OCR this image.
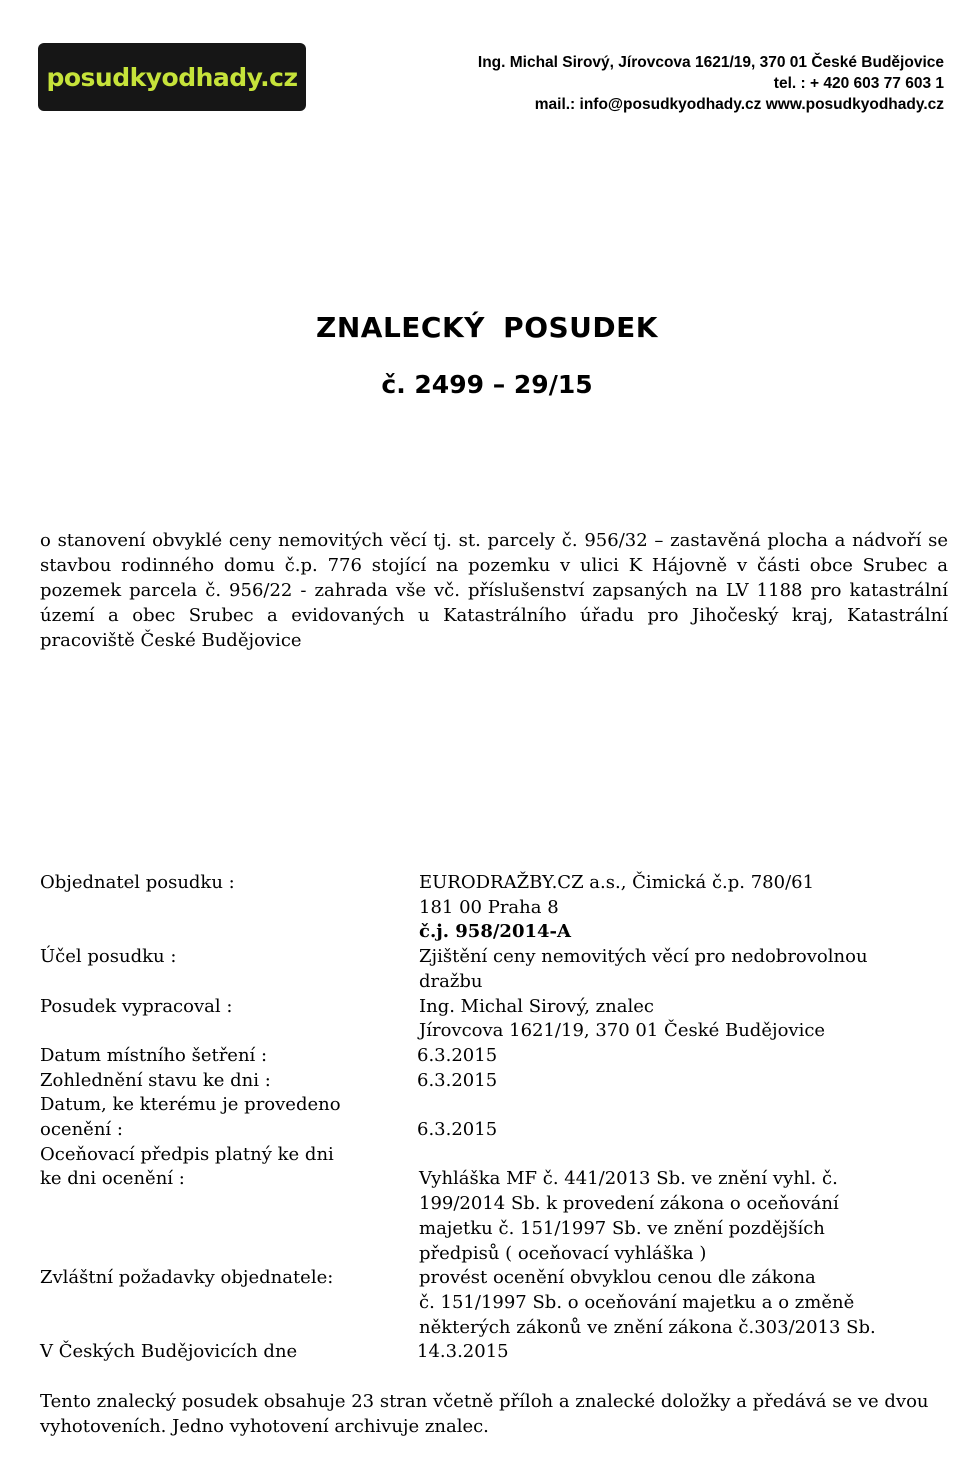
posudkyodhady.cz	Ing. Michal Sirový, Jírovcova 1621/19, 370 01 České Budějovice
tel. : + 420 603 77 603 1
mail.: info@posudkyodhady.cz www.posudkyodhady.cz
ZNALECKÝ POSUDEK
č. 2499 – 29/15

o stanovení obvyklé ceny nemovitých věcí tj. st. parcely č. 956/32 – zastavěná plocha a nádvoří se stavbou rodinného domu č.p. 776 stojící na pozemku v ulici K Hájovně v části obce Srubec a pozemek parcela č. 956/22 - zahrada vše vč. příslušenství zapsaných na LV 1188 pro katastrální území a obec Srubec a evidovaných u Katastrálního úřadu pro Jihočeský kraj, Katastrální pracoviště České Budějovice

Objednatel posudku :	EURODRAŽBY.CZ a.s., Čimická č.p. 780/61
181 00 Praha 8
č.j. 958/2014-A
Účel posudku :	Zjištění ceny nemovitých věcí pro nedobrovolnou
dražbu
Posudek vypracoval :	Ing. Michal Sirový, znalec
Jírovcova 1621/19, 370 01 České Budějovice
Datum místního šetření :	6.3.2015
Zohlednění stavu ke dni :	6.3.2015
Datum, ke kterému je provedeno
ocenění :
	6.3.2015
Oceňovací předpis platný ke dni
ke dni ocenění :
	Vyhláška MF č. 441/2013 Sb. ve znění vyhl. č.
199/2014 Sb. k provedení zákona o oceňování
majetku č. 151/1997 Sb. ve znění pozdějších
předpisů ( oceňovací vyhláška )
Zvláštní požadavky objednatele:	provést ocenění obvyklou cenou dle zákona
č. 151/1997 Sb. o oceňování majetku a o změně
některých zákonů ve znění zákona č.303/2013 Sb.
V Českých Budějovicích dne	14.3.2015

Tento znalecký posudek obsahuje 23 stran včetně příloh a znalecké doložky a předává se ve dvou vyhotoveních. Jedno vyhotovení archivuje znalec.
